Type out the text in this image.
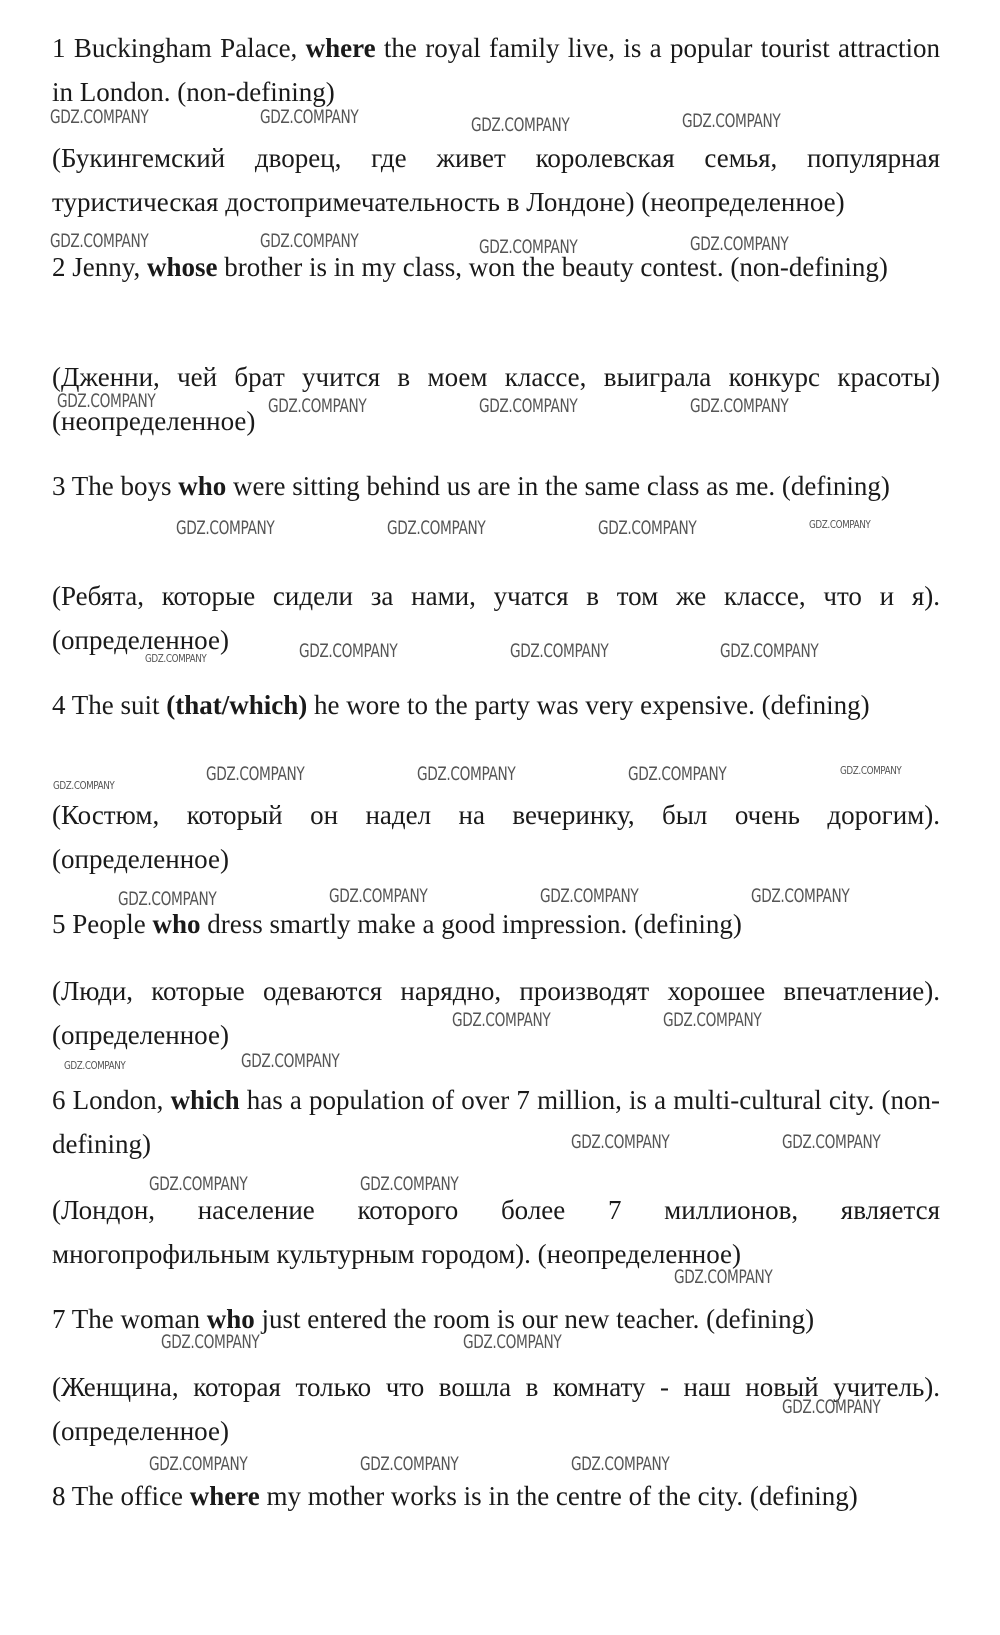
1 Buckingham Palace, where the royal family live, is a popular tourist attraction in London. (non-defining)

(Букингемский дворец, где живет королевская семья, популярная туристическая достопримечательность в Лондоне) (неопределенное)

2 Jenny, whose brother is in my class, won the beauty contest. (non-defining)

(Дженни, чей брат учится в моем классе, выиграла конкурс красоты) (неопределенное)

3 The boys who were sitting behind us are in the same class as me. (defining)

(Ребята, которые сидели за нами, учатся в том же классе, что и я). (определенное)

4 The suit (that/which) he wore to the party was very expensive. (defining)

(Костюм, который он надел на вечеринку, был очень дорогим). (определенное)

5 People who dress smartly make a good impression. (defining)

(Люди, которые одеваются нарядно, производят хорошее впечатление). (определенное)

6 London, which has a population of over 7 million, is a multi-cultural city. (non-defining)

(Лондон, население которого более 7 миллионов, является многопрофильным культурным городом). (неопределенное)

7 The woman who just entered the room is our new teacher. (defining)

(Женщина, которая только что вошла в комнату - наш новый учитель). (определенное)

8 The office where my mother works is in the centre of the city. (defining)

GDZ.COMPANY	GDZ.COMPANY	GDZ.COMPANY	GDZ.COMPANY
GDZ.COMPANY	GDZ.COMPANY	GDZ.COMPANY	GDZ.COMPANY
GDZ.COMPANY	GDZ.COMPANY	GDZ.COMPANY	GDZ.COMPANY
GDZ.COMPANY	GDZ.COMPANY	GDZ.COMPANY	GDZ.COMPANY
GDZ.COMPANY	GDZ.COMPANY	GDZ.COMPANY	GDZ.COMPANY
GDZ.COMPANY
GDZ.COMPANY	GDZ.COMPANY	GDZ.COMPANY	GDZ.COMPANY
GDZ.COMPANY	GDZ.COMPANY	GDZ.COMPANY	GDZ.COMPANY
GDZ.COMPANY	GDZ.COMPANY
GDZ.COMPANY	GDZ.COMPANY
GDZ.COMPANY	GDZ.COMPANY
GDZ.COMPANY	GDZ.COMPANY
GDZ.COMPANY
GDZ.COMPANY	GDZ.COMPANY
GDZ.COMPANY
GDZ.COMPANY	GDZ.COMPANY	GDZ.COMPANY
